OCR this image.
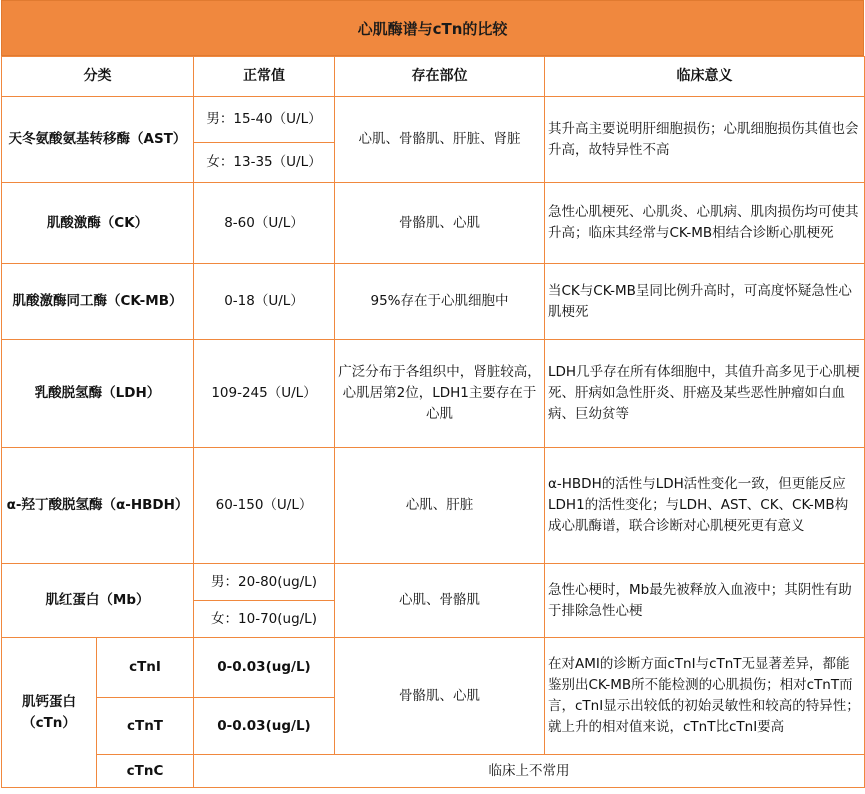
心肌酶谱与cTn的比较
分类		正常值	存在部位	临床意义
天冬氨酸氨基转移酶（AST）		男：15-40（U/L）	心肌、骨骼肌、肝脏、肾脏	其升高主要说明肝细胞损伤；心肌细胞损伤其值也会升高，故特异性不高
		女：13-35（U/L）		
肌酸激酶（CK）		8-60（U/L）	骨骼肌、心肌	急性心肌梗死、心肌炎、心肌病、肌肉损伤均可使其升高；临床其经常与CK-MB相结合诊断心肌梗死
肌酸激酶同工酶（CK-MB）		0-18（U/L）	95%存在于心肌细胞中	当CK与CK-MB呈同比例升高时，可高度怀疑急性心肌梗死
乳酸脱氢酶（LDH）		109-245（U/L）	广泛分布于各组织中，肾脏较高，心肌居第2位，LDH1主要存在于心肌	LDH几乎存在所有体细胞中，其值升高多见于心肌梗死、肝病如急性肝炎、肝癌及某些恶性肿瘤如白血病、巨幼贫等
α-羟丁酸脱氢酶（α-HBDH）		60-150（U/L）	心肌、肝脏	α-HBDH的活性与LDH活性变化一致，但更能反应LDH1的活性变化；与LDH、AST、CK、CK-MB构成心肌酶谱，联合诊断对心肌梗死更有意义
肌红蛋白（Mb）		男：20-80(ug/L)	心肌、骨骼肌	急性心梗时，Mb最先被释放入血液中；其阴性有助于排除急性心梗
		女：10-70(ug/L)		
肌钙蛋白（cTn）	cTnI	0-0.03(ug/L)	骨骼肌、心肌	在对AMI的诊断方面cTnI与cTnT无显著差异，都能鉴别出CK-MB所不能检测的心肌损伤；相对cTnT而言，cTnI显示出较低的初始灵敏性和较高的特异性；就上升的相对值来说，cTnT比cTnI要高
	cTnT	0-0.03(ug/L)		
	cTnC	临床上不常用		
